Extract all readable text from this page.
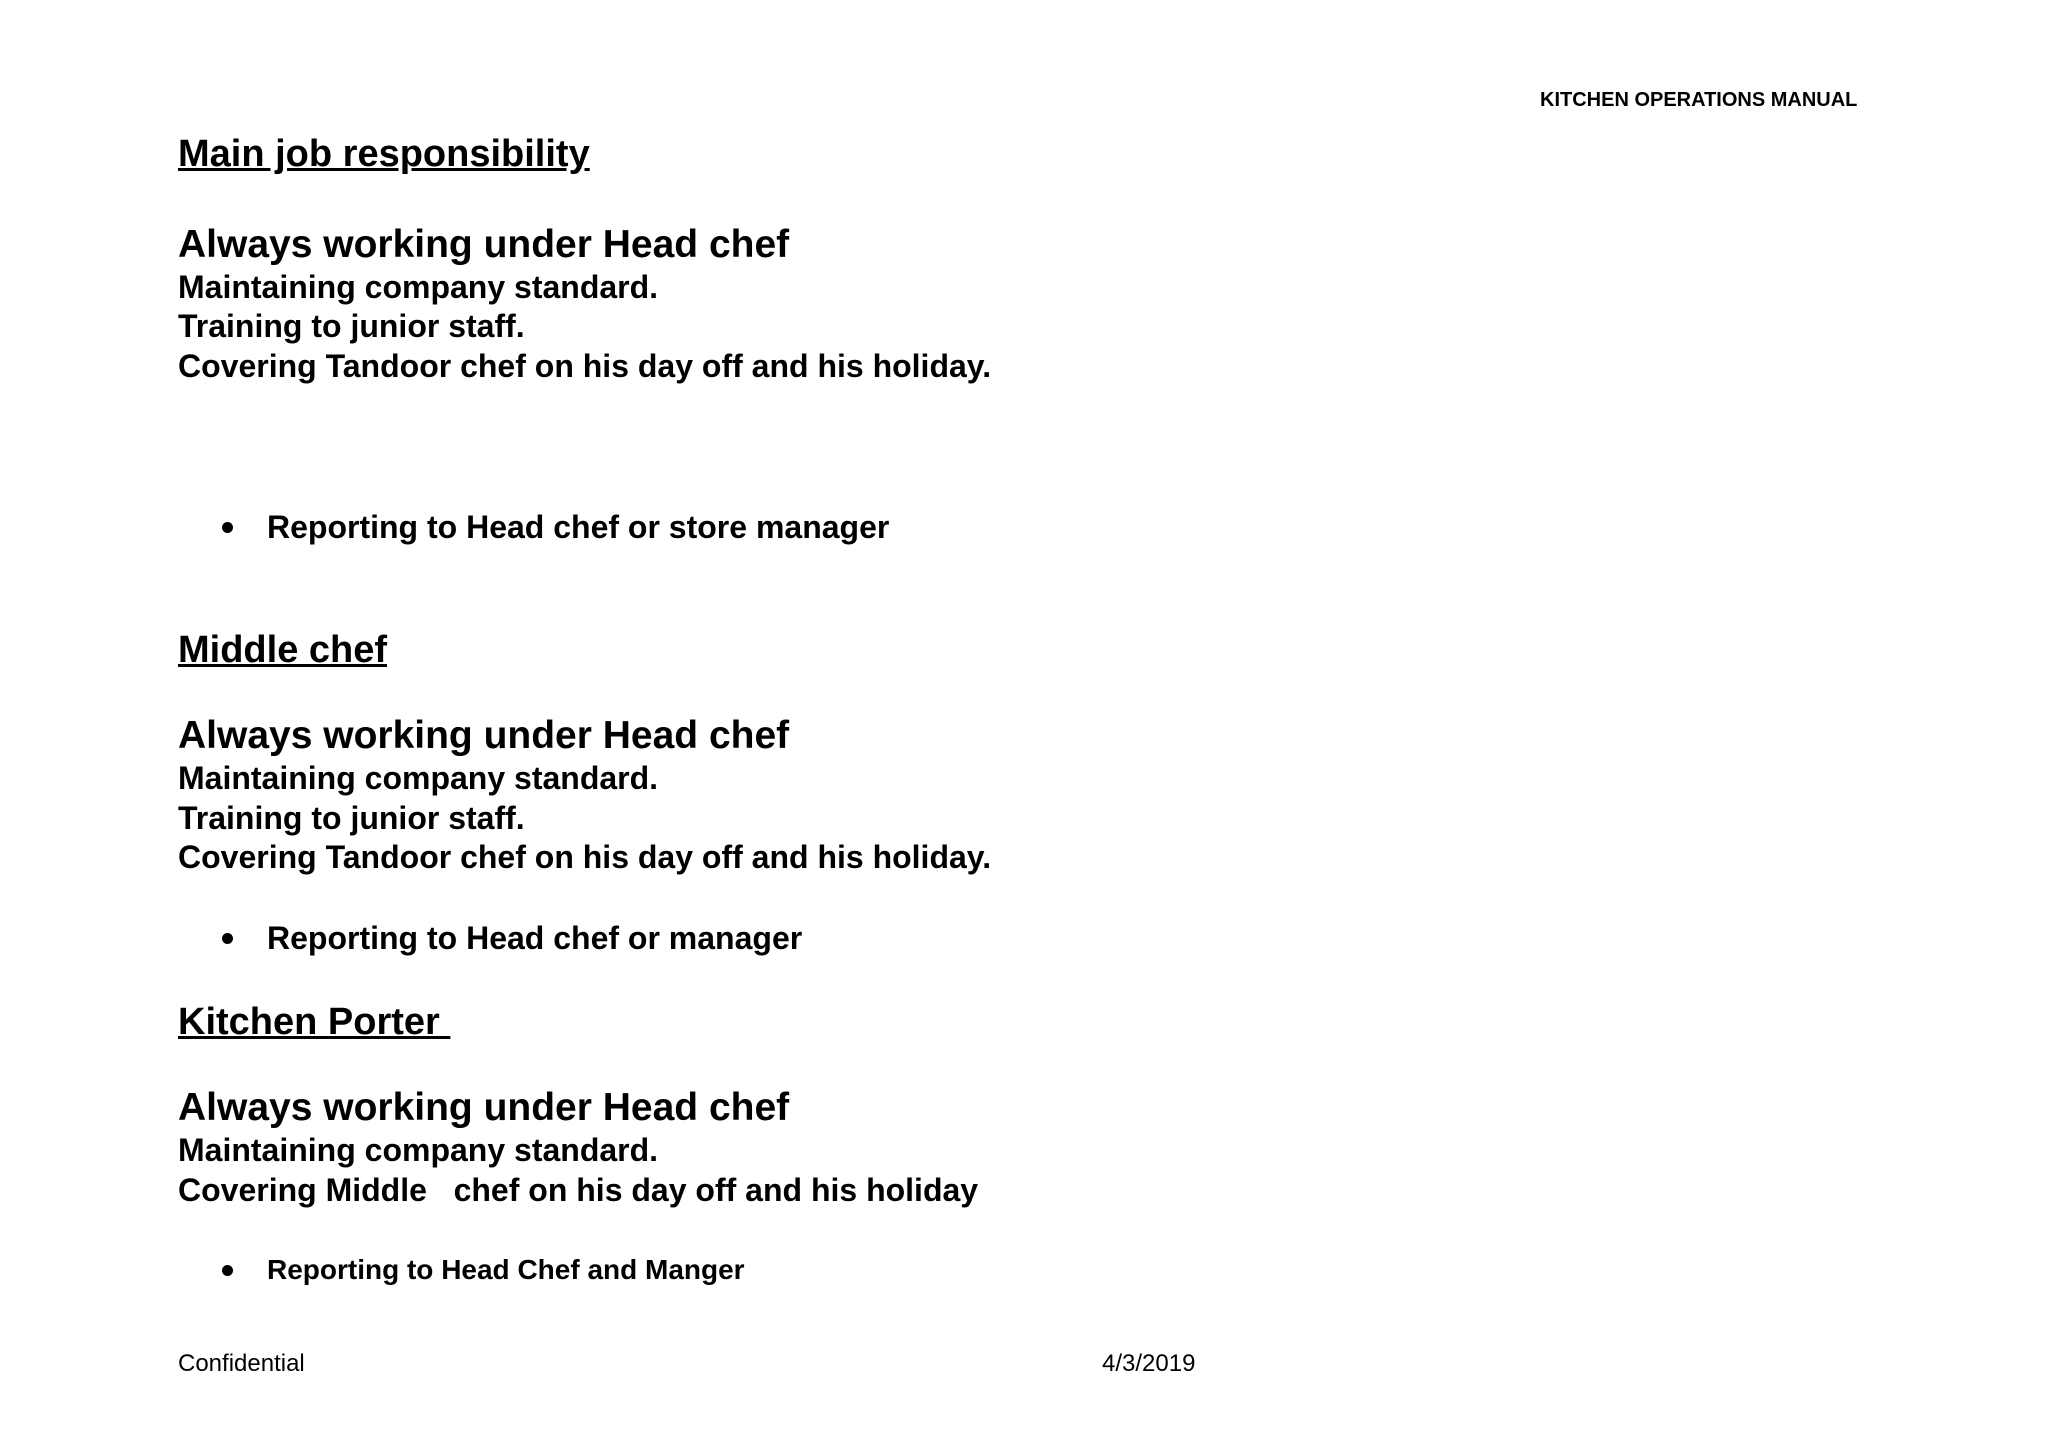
KITCHEN OPERATIONS MANUAL
Main job responsibility
Always working under Head chef
Maintaining company standard.
Training to junior staff.
Covering Tandoor chef on his day off and his holiday.
Reporting to Head chef or store manager
Middle chef
Always working under Head chef
Maintaining company standard.
Training to junior staff.
Covering Tandoor chef on his day off and his holiday.
Reporting to Head chef or manager
Kitchen Porter
Always working under Head chef
Maintaining company standard.
Covering Middle   chef on his day off and his holiday
Reporting to Head Chef and Manger
Confidential	4/3/2019
